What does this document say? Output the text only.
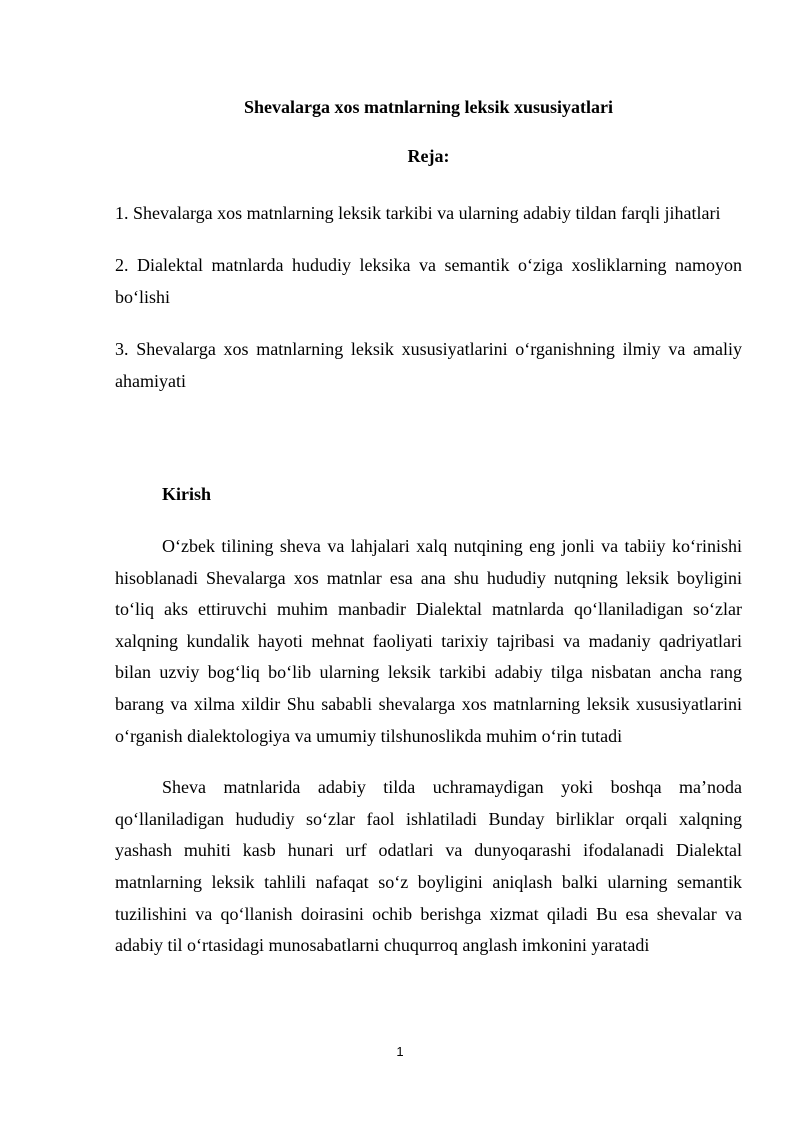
Shevalarga xos matnlarning leksik xususiyatlari

Reja:

1. Shevalarga xos matnlarning leksik tarkibi va ularning adabiy tildan farqli jihatlari

2. Dialektal matnlarda hududiy leksika va semantik o‘ziga xosliklarning namoyon bo‘lishi

3. Shevalarga xos matnlarning leksik xususiyatlarini o‘rganishning ilmiy va amaliy ahamiyati

Kirish

O‘zbek tilining sheva va lahjalari xalq nutqining eng jonli va tabiiy ko‘rinishi hisoblanadi Shevalarga xos matnlar esa ana shu hududiy nutqning leksik boyligini to‘liq aks ettiruvchi muhim manbadir Dialektal matnlarda qo‘llaniladigan so‘zlar xalqning kundalik hayoti mehnat faoliyati tarixiy tajribasi va madaniy qadriyatlari bilan uzviy bog‘liq bo‘lib ularning leksik tarkibi adabiy tilga nisbatan ancha rang barang va xilma xildir Shu sababli shevalarga xos matnlarning leksik xususiyatlarini o‘rganish dialektologiya va umumiy tilshunoslikda muhim o‘rin tutadi

Sheva matnlarida adabiy tilda uchramaydigan yoki boshqa ma’noda qo‘llaniladigan hududiy so‘zlar faol ishlatiladi Bunday birliklar orqali xalqning yashash muhiti kasb hunari urf odatlari va dunyoqarashi ifodalanadi Dialektal matnlarning leksik tahlili nafaqat so‘z boyligini aniqlash balki ularning semantik tuzilishini va qo‘llanish doirasini ochib berishga xizmat qiladi Bu esa shevalar va adabiy til o‘rtasidagi munosabatlarni chuqurroq anglash imkonini yaratadi

1
